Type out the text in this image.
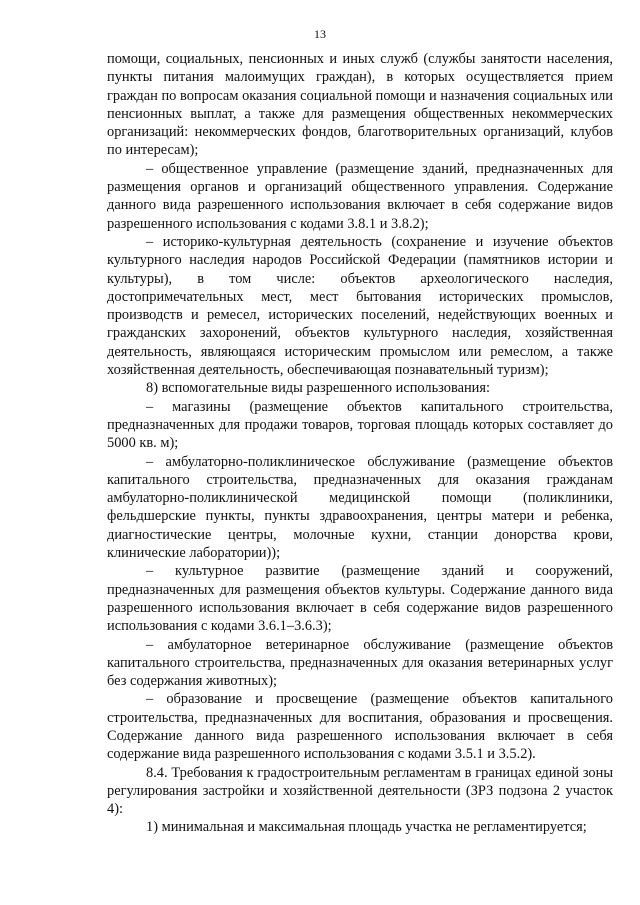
13

помощи, социальных, пенсионных и иных служб (службы занятости населения, пункты питания малоимущих граждан), в которых осуществляется прием граждан по вопросам оказания социальной помощи и назначения социальных или пенсионных выплат, а также для размещения общественных некоммерческих организаций: некоммерческих фондов, благотворительных организаций, клубов по интересам);

– общественное управление (размещение зданий, предназначенных для размещения органов и организаций общественного управления. Содержание данного вида разрешенного использования включает в себя содержание видов разрешенного использования с кодами 3.8.1 и 3.8.2);

– историко-культурная деятельность (сохранение и изучение объектов культурного наследия народов Российской Федерации (памятников истории и культуры), в том числе: объектов археологического наследия, достопримечательных мест, мест бытования исторических промыслов, производств и ремесел, исторических поселений, недействующих военных и гражданских захоронений, объектов культурного наследия, хозяйственная деятельность, являющаяся историческим промыслом или ремеслом, а также хозяйственная деятельность, обеспечивающая познавательный туризм);

8) вспомогательные виды разрешенного использования:

– магазины (размещение объектов капитального строительства, предназначенных для продажи товаров, торговая площадь которых составляет до 5000 кв. м);

– амбулаторно-поликлиническое обслуживание (размещение объектов капитального строительства, предназначенных для оказания гражданам амбулаторно-поликлинической медицинской помощи (поликлиники, фельдшерские пункты, пункты здравоохранения, центры матери и ребенка, диагностические центры, молочные кухни, станции донорства крови, клинические лаборатории));

– культурное развитие (размещение зданий и сооружений, предназначенных для размещения объектов культуры. Содержание данного вида разрешенного использования включает в себя содержание видов разрешенного использования с кодами 3.6.1–3.6.3);

– амбулаторное ветеринарное обслуживание (размещение объектов капитального строительства, предназначенных для оказания ветеринарных услуг без содержания животных);

– образование и просвещение (размещение объектов капитального строительства, предназначенных для воспитания, образования и просвещения. Содержание данного вида разрешенного использования включает в себя содержание вида разрешенного использования с кодами 3.5.1 и 3.5.2).

8.4. Требования к градостроительным регламентам в границах единой зоны регулирования застройки и хозяйственной деятельности (ЗРЗ подзона 2 участок 4):

1) минимальная и максимальная площадь участка не регламентируется;
